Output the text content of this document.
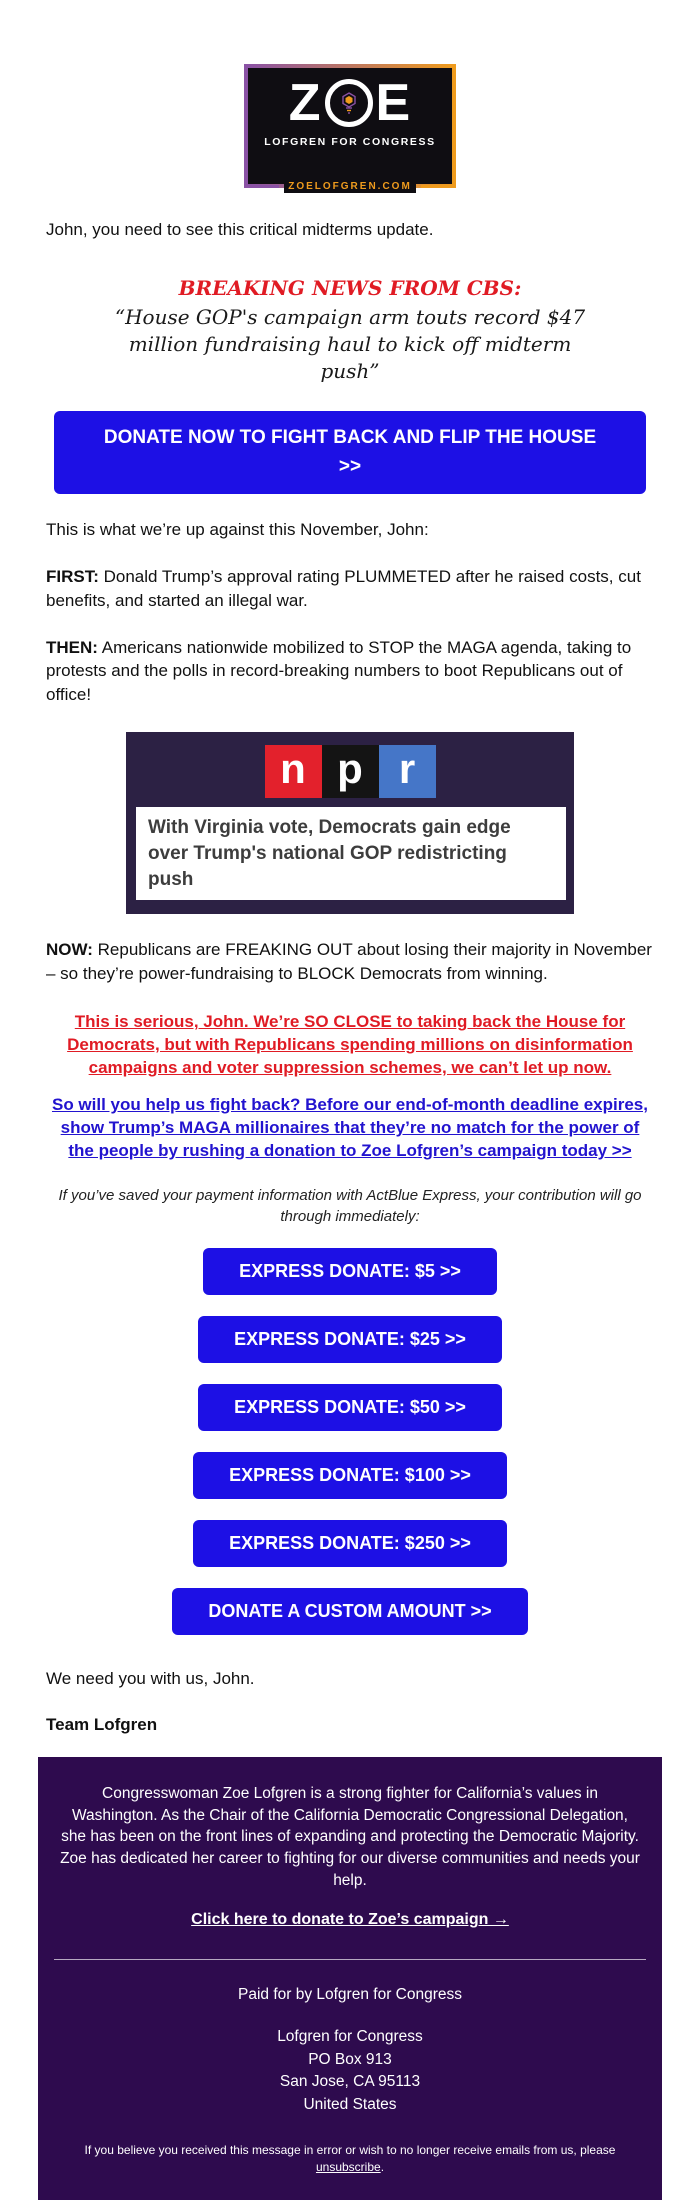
Z E
LOFGREN FOR CONGRESS
ZOELOFGREN.COM

John, you need to see this critical midterms update.

BREAKING NEWS FROM CBS:
“House GOP's campaign arm touts record $47 million fundraising haul to kick off midterm push”
DONATE NOW TO FIGHT BACK AND FLIP THE HOUSE >>

This is what we’re up against this November, John:

FIRST: Donald Trump’s approval rating PLUMMETED after he raised costs, cut benefits, and started an illegal war.

THEN: Americans nationwide mobilized to STOP the MAGA agenda, taking to protests and the polls in record-breaking numbers to boot Republicans out of office!

n p r
With Virginia vote, Democrats gain edge over Trump's national GOP redistricting push

NOW: Republicans are FREAKING OUT about losing their majority in November – so they’re power-fundraising to BLOCK Democrats from winning.

This is serious, John. We’re SO CLOSE to taking back the House for Democrats, but with Republicans spending millions on disinformation campaigns and voter suppression schemes, we can’t let up now.
So will you help us fight back? Before our end-of-month deadline expires, show Trump’s MAGA millionaires that they’re no match for the power of the people by rushing a donation to Zoe Lofgren’s campaign today >>

If you’ve saved your payment information with ActBlue Express, your contribution will go through immediately:

EXPRESS DONATE: $5 >>
EXPRESS DONATE: $25 >>
EXPRESS DONATE: $50 >>
EXPRESS DONATE: $100 >>
EXPRESS DONATE: $250 >>
DONATE A CUSTOM AMOUNT >>

We need you with us, John.

Team Lofgren

Congresswoman Zoe Lofgren is a strong fighter for California’s values in Washington. As the Chair of the California Democratic Congressional Delegation, she has been on the front lines of expanding and protecting the Democratic Majority. Zoe has dedicated her career to fighting for our diverse communities and needs your help.

Click here to donate to Zoe’s campaign →

Paid for by Lofgren for Congress

Lofgren for Congress
PO Box 913
San Jose, CA 95113
United States

If you believe you received this message in error or wish to no longer receive emails from us, please unsubscribe.
